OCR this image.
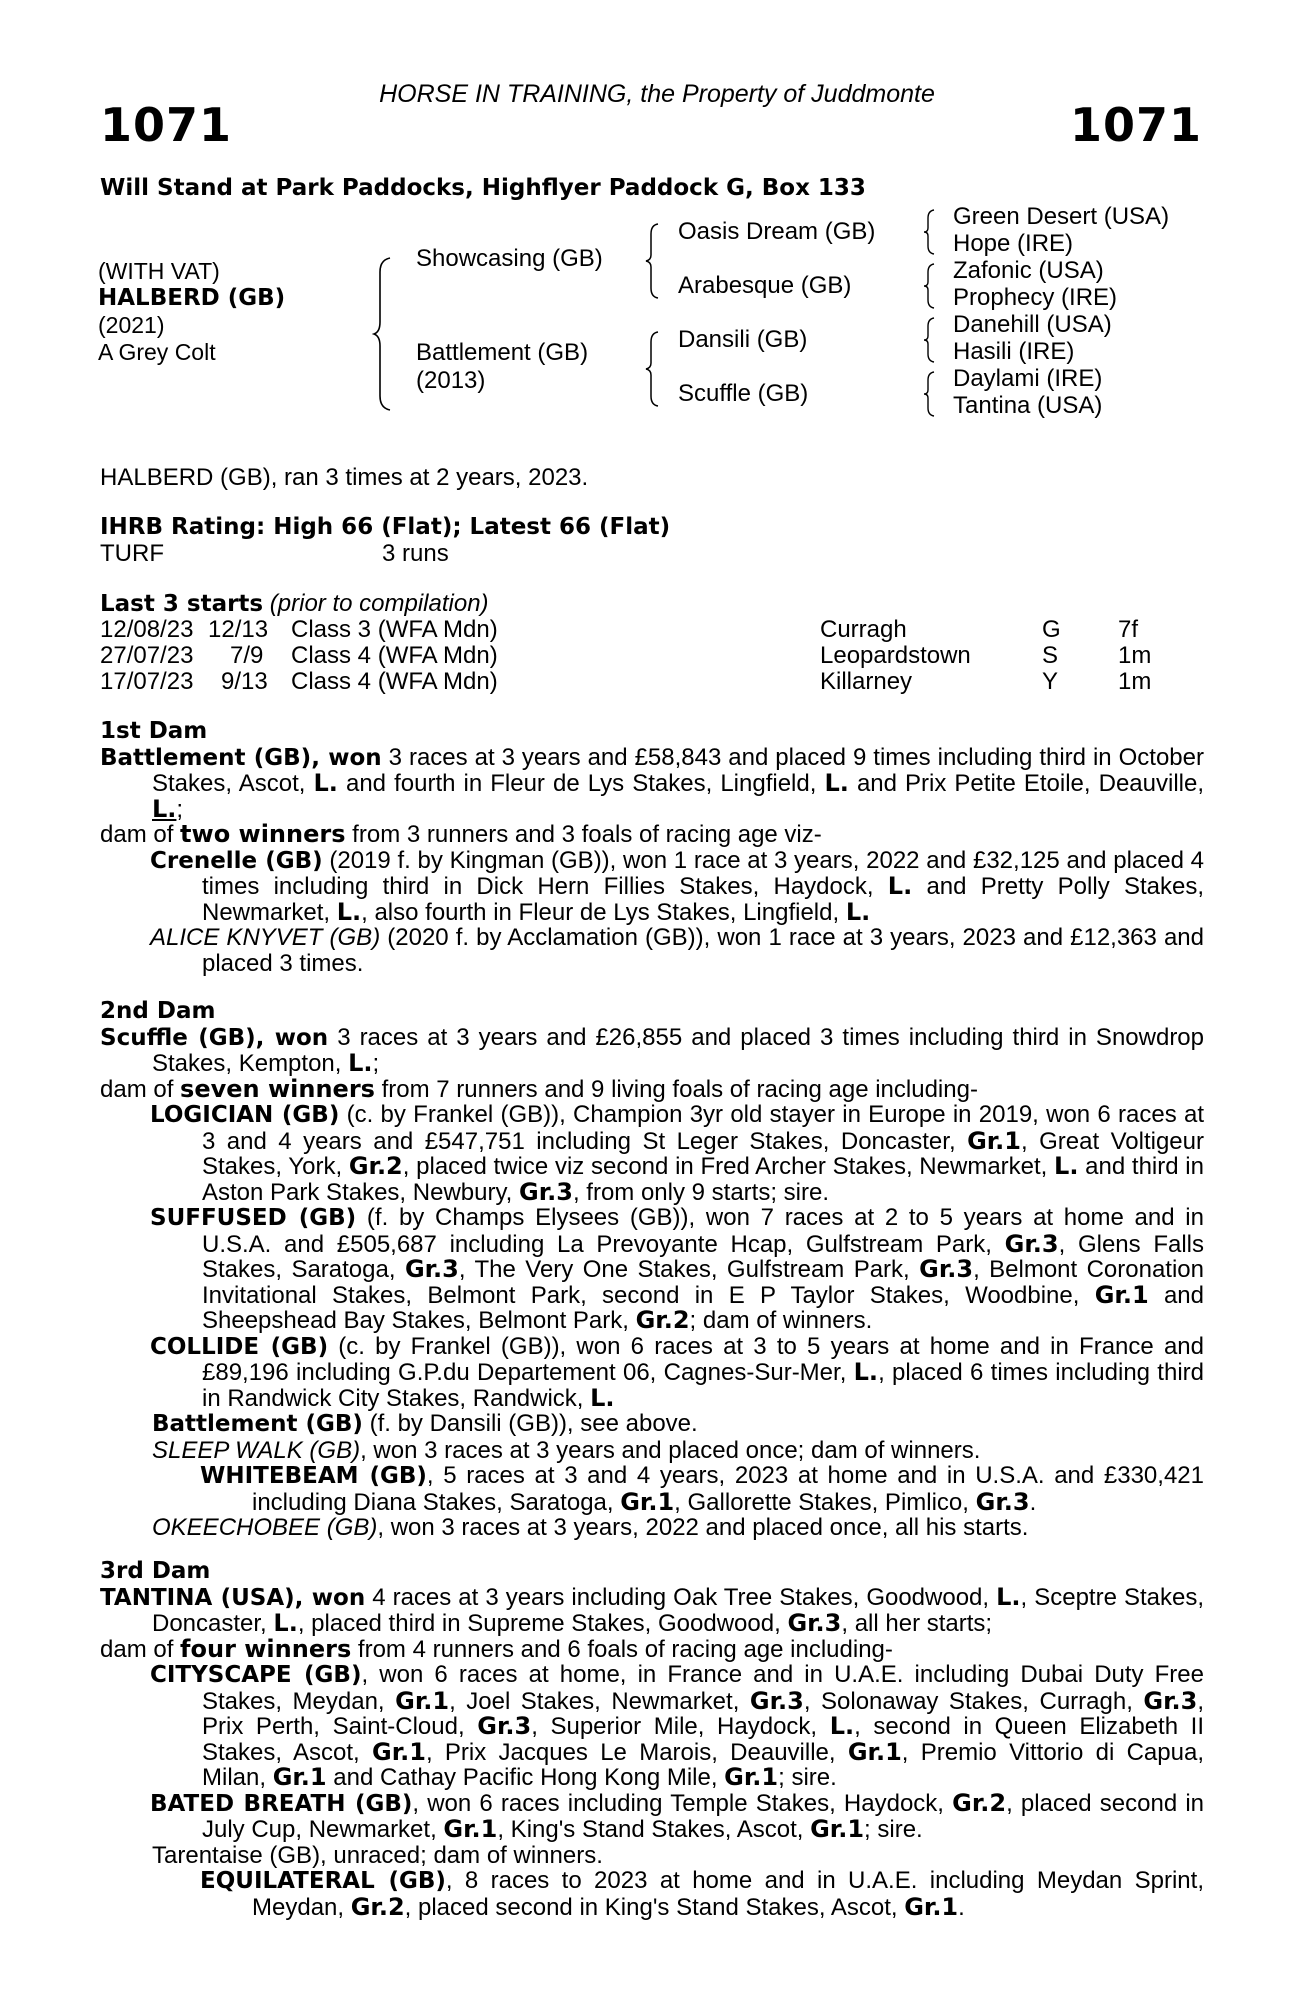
HORSE IN TRAINING, the Property of Juddmonte
1071	1071
Will Stand at Park Paddocks, Highflyer Paddock G, Box 133
(WITH VAT)
HALBERD (GB)
(2021)
A Grey Colt
Showcasing (GB)
Battlement (GB)
(2013)
Oasis Dream (GB)
Arabesque (GB)
Dansili (GB)
Scuffle (GB)
Green Desert (USA)
Hope (IRE)
Zafonic (USA)
Prophecy (IRE)
Danehill (USA)
Hasili (IRE)
Daylami (IRE)
Tantina (USA)
HALBERD (GB), ran 3 times at 2 years, 2023.
IHRB Rating: High 66 (Flat); Latest 66 (Flat)
TURF	3 runs
Last 3 starts (prior to compilation)
12/08/23 12/13 Class 3 (WFA Mdn)	Curragh	G 7f
27/07/23 7/9 Class 4 (WFA Mdn)	Leopardstown	S 1m
17/07/23 9/13 Class 4 (WFA Mdn)	Killarney	Y 1m

1st Dam

Battlement (GB), won 3 races at 3 years and £58,843 and placed 9 times including third in October Stakes, Ascot, L. and fourth in Fleur de Lys Stakes, Lingfield, L. and Prix Petite Etoile, Deauville, L.;

dam of two winners from 3 runners and 3 foals of racing age viz-

Crenelle (GB) (2019 f. by Kingman (GB)), won 1 race at 3 years, 2022 and £32,125 and placed 4 times including third in Dick Hern Fillies Stakes, Haydock, L. and Pretty Polly Stakes, Newmarket, L., also fourth in Fleur de Lys Stakes, Lingfield, L.

ALICE KNYVET (GB) (2020 f. by Acclamation (GB)), won 1 race at 3 years, 2023 and £12,363 and placed 3 times.

2nd Dam

Scuffle (GB), won 3 races at 3 years and £26,855 and placed 3 times including third in Snowdrop Stakes, Kempton, L.;

dam of seven winners from 7 runners and 9 living foals of racing age including-

LOGICIAN (GB) (c. by Frankel (GB)), Champion 3yr old stayer in Europe in 2019, won 6 races at 3 and 4 years and £547,751 including St Leger Stakes, Doncaster, Gr.1, Great Voltigeur Stakes, York, Gr.2, placed twice viz second in Fred Archer Stakes, Newmarket, L. and third in Aston Park Stakes, Newbury, Gr.3, from only 9 starts; sire.

SUFFUSED (GB) (f. by Champs Elysees (GB)), won 7 races at 2 to 5 years at home and in U.S.A. and £505,687 including La Prevoyante Hcap, Gulfstream Park, Gr.3, Glens Falls Stakes, Saratoga, Gr.3, The Very One Stakes, Gulfstream Park, Gr.3, Belmont Coronation Invitational Stakes, Belmont Park, second in E P Taylor Stakes, Woodbine, Gr.1 and Sheepshead Bay Stakes, Belmont Park, Gr.2; dam of winners.

COLLIDE (GB) (c. by Frankel (GB)), won 6 races at 3 to 5 years at home and in France and £89,196 including G.P.du Departement 06, Cagnes-Sur-Mer, L., placed 6 times including third in Randwick City Stakes, Randwick, L.

Battlement (GB) (f. by Dansili (GB)), see above.

SLEEP WALK (GB), won 3 races at 3 years and placed once; dam of winners.

WHITEBEAM (GB), 5 races at 3 and 4 years, 2023 at home and in U.S.A. and £330,421 including Diana Stakes, Saratoga, Gr.1, Gallorette Stakes, Pimlico, Gr.3.

OKEECHOBEE (GB), won 3 races at 3 years, 2022 and placed once, all his starts.

3rd Dam

TANTINA (USA), won 4 races at 3 years including Oak Tree Stakes, Goodwood, L., Sceptre Stakes, Doncaster, L., placed third in Supreme Stakes, Goodwood, Gr.3, all her starts;

dam of four winners from 4 runners and 6 foals of racing age including-

CITYSCAPE (GB), won 6 races at home, in France and in U.A.E. including Dubai Duty Free Stakes, Meydan, Gr.1, Joel Stakes, Newmarket, Gr.3, Solonaway Stakes, Curragh, Gr.3, Prix Perth, Saint-Cloud, Gr.3, Superior Mile, Haydock, L., second in Queen Elizabeth II Stakes, Ascot, Gr.1, Prix Jacques Le Marois, Deauville, Gr.1, Premio Vittorio di Capua, Milan, Gr.1 and Cathay Pacific Hong Kong Mile, Gr.1; sire.

BATED BREATH (GB), won 6 races including Temple Stakes, Haydock, Gr.2, placed second in July Cup, Newmarket, Gr.1, King's Stand Stakes, Ascot, Gr.1; sire.

Tarentaise (GB), unraced; dam of winners.

EQUILATERAL (GB), 8 races to 2023 at home and in U.A.E. including Meydan Sprint, Meydan, Gr.2, placed second in King's Stand Stakes, Ascot, Gr.1.
